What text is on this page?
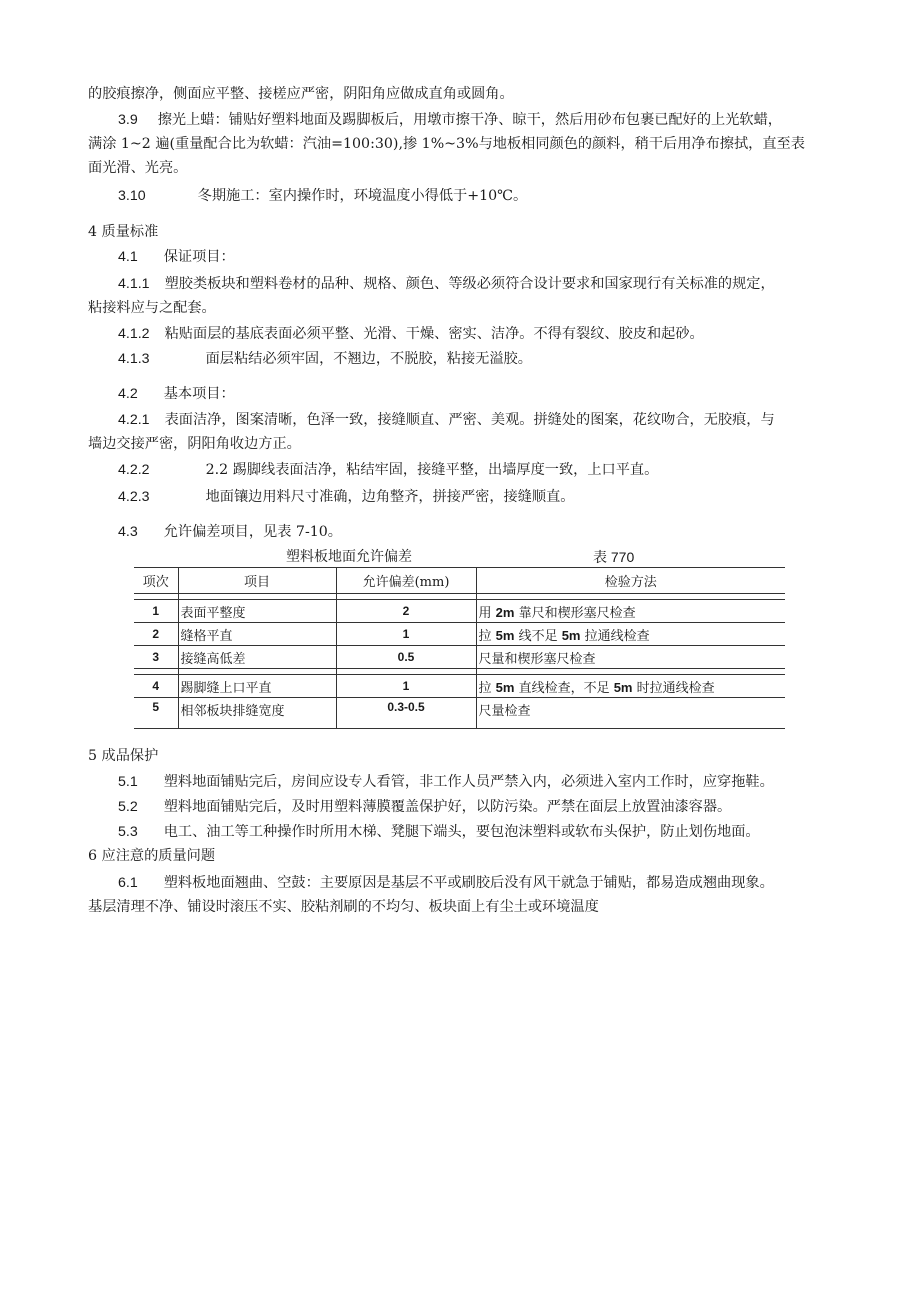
的胶痕擦净，侧面应平整、接槎应严密，阴阳角应做成直角或圆角。
3.9 擦光上蜡：铺贴好塑料地面及踢脚板后，用墩市擦干净、晾干，然后用砂布包裹已配好的上光软蜡，
满涂 1~2 遍(重量配合比为软蜡：汽油=100:30),掺 1%~3%与地板相同颜色的颜料，稍干后用净布擦拭，直至表
面光滑、光亮。
3.10	冬期施工：室内操作时，环境温度小得低于+10℃。
4 质量标准
4.1 保证项目：
4.1.1 塑胶类板块和塑料卷材的品种、规格、颜色、等级必须符合设计要求和国家现行有关标准的规定，
粘接料应与之配套。
4.1.2 粘贴面层的基底表面必须平整、光滑、干燥、密实、洁净。不得有裂纹、胶皮和起砂。
4.1.3	面层粘结必须牢固，不翘边，不脱胶，粘接无溢胶。
4.2 基本项目：
4.2.1 表面洁净，图案清晰，色泽一致，接缝顺直、严密、美观。拼缝处的图案，花纹吻合，无胶痕，与
墙边交接严密，阴阳角收边方正。
4.2.2	2.2 踢脚线表面洁净，粘结牢固，接缝平整，出墙厚度一致，上口平直。
4.2.3	地面镶边用料尺寸准确，边角整齐，拼接严密，接缝顺直。
4.3 允许偏差项目，见表 7-10。
塑料板地面允许偏差	表 770
项次	项目	允许偏差(mm)	检验方法

1	表面平整度	2	用 2m 靠尺和楔形塞尺检查
2	缝格平直	1	拉 5m 线不足 5m 拉通线检查
3	接缝高低差	0.5	尺量和楔形塞尺检查

4	踢脚缝上口平直	1	拉 5m 直线检查，不足 5m 时拉通线检查
5	相邻板块排缝宽度	0.3-0.5	尺量检查
5 成品保护
5.1 塑料地面铺贴完后，房间应设专人看管，非工作人员严禁入内，必须进入室内工作时，应穿拖鞋。
5.2 塑料地面铺贴完后，及时用塑料薄膜覆盖保护好，以防污染。严禁在面层上放置油漆容器。
5.3 电工、油工等工种操作时所用木梯、凳腿下端头，要包泡沫塑料或软布头保护，防止划伤地面。
6 应注意的质量问题
6.1 塑料板地面翘曲、空鼓：主要原因是基层不平或刷胶后没有风干就急于铺贴，都易造成翘曲现象。
基层清理不净、铺设时滚压不实、胶粘剂刷的不均匀、板块面上有尘土或环境温度
